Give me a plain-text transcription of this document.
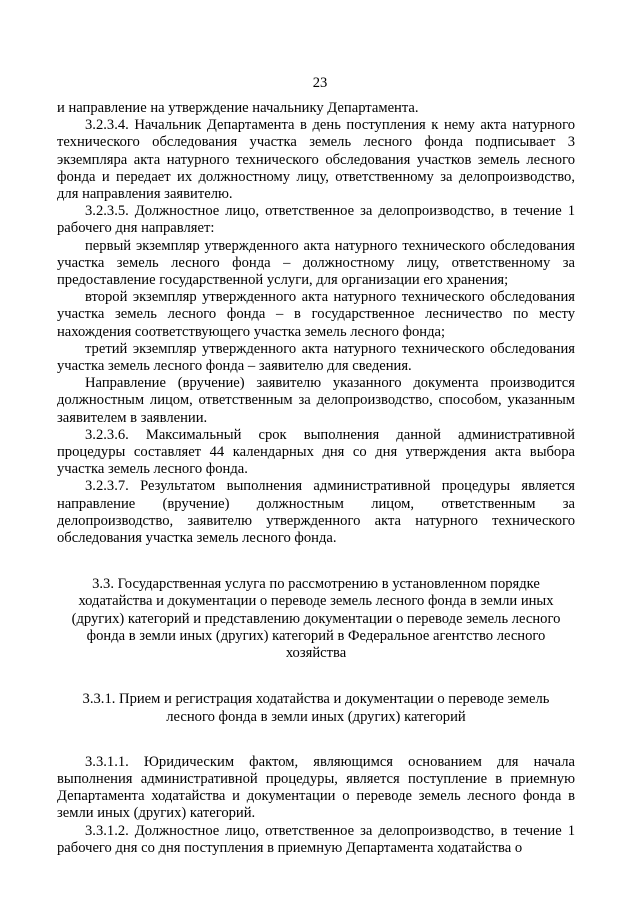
23

и направление на утверждение начальнику Департамента.

3.2.3.4. Начальник Департамента в день поступления к нему акта натурного технического обследования участка земель лесного фонда подписывает 3 экземпляра акта натурного технического обследования участков земель лесного фонда и передает их должностному лицу, ответственному за делопроизводство, для направления заявителю.

3.2.3.5. Должностное лицо, ответственное за делопроизводство, в течение 1 рабочего дня направляет:

первый экземпляр утвержденного акта натурного технического обследования участка земель лесного фонда – должностному лицу, ответственному за предоставление государственной услуги, для организации его хранения;

второй экземпляр утвержденного акта натурного технического обследования участка земель лесного фонда – в государственное лесничество по месту нахождения соответствующего участка земель лесного фонда;

третий экземпляр утвержденного акта натурного технического обследования участка земель лесного фонда – заявителю для сведения.

Направление (вручение) заявителю указанного документа производится должностным лицом, ответственным за делопроизводство, способом, указанным заявителем в заявлении.

3.2.3.6. Максимальный срок выполнения данной административной процедуры составляет 44 календарных дня со дня утверждения акта выбора участка земель лесного фонда.

3.2.3.7. Результатом выполнения административной процедуры является направление (вручение) должностным лицом, ответственным за делопроизводство, заявителю утвержденного акта натурного технического обследования участка земель лесного фонда.

3.3. Государственная услуга по рассмотрению в установленном порядке ходатайства и документации о переводе земель лесного фонда в земли иных (других) категорий и представлению документации о переводе земель лесного фонда в земли иных (других) категорий в Федеральное агентство лесного хозяйства

3.3.1. Прием и регистрация ходатайства и документации о переводе земель лесного фонда в земли иных (других) категорий

3.3.1.1. Юридическим фактом, являющимся основанием для начала выполнения административной процедуры, является поступление в приемную Департамента ходатайства и документации о переводе земель лесного фонда в земли иных (других) категорий.

3.3.1.2. Должностное лицо, ответственное за делопроизводство, в течение 1 рабочего дня со дня поступления в приемную Департамента ходатайства о
